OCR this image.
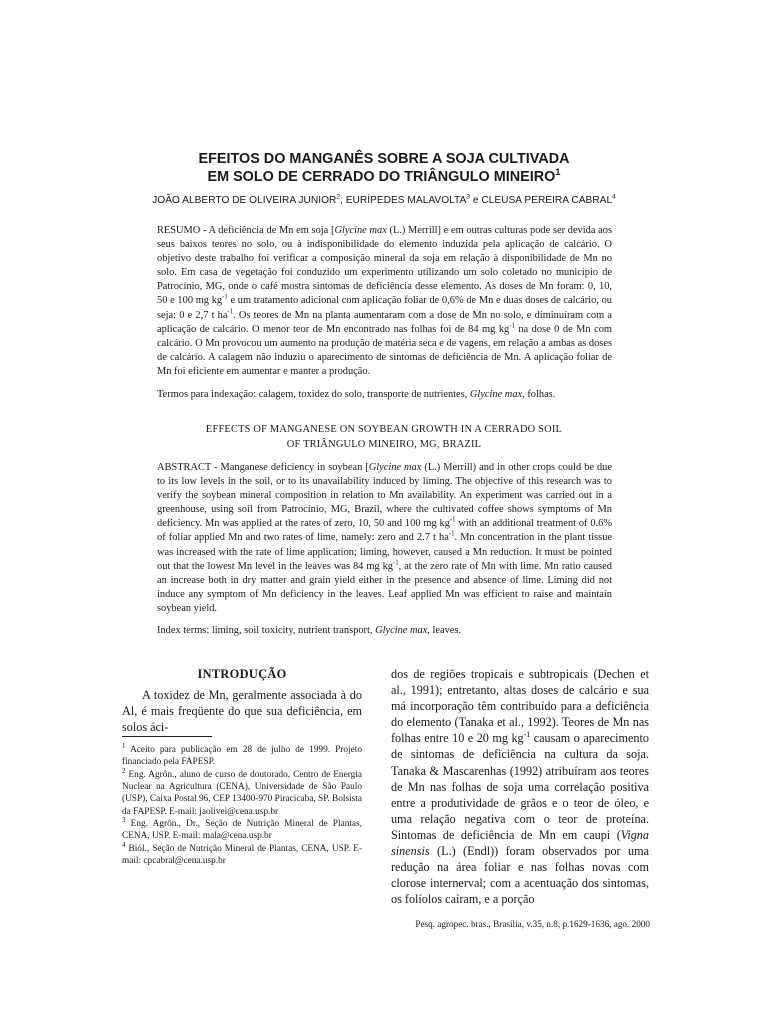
EFEITOS DO MANGANÊS SOBRE A SOJA CULTIVADA
EM SOLO DE CERRADO DO TRIÂNGULO MINEIRO$^1$
JOÃO ALBERTO DE OLIVEIRA JUNIOR$^2$, EURÍPEDES MALAVOLTA$^3$ e CLEUSA PEREIRA CABRAL$^4$
RESUMO - A deficiência de Mn em soja [Glycine max (L.) Merrill] e em outras culturas pode ser devida aos seus baixos teores no solo, ou à indisponibilidade do elemento induzida pela aplicação de calcário. O objetivo deste trabalho foi verificar a composição mineral da soja em relação à disponibilidade de Mn no solo. Em casa de vegetação foi conduzido um experimento utilizando um solo coletado no município de Patrocínio, MG, onde o café mostra sintomas de deficiência desse elemento. As doses de Mn foram: 0, 10, 50 e 100 mg $kg^{-1}$ e um tratamento adicional com aplicação foliar de 0,6% de Mn e duas doses de calcário, ou seja: 0 e 2,7 t $ha^{-1}$. Os teores de Mn na planta aumentaram com a dose de Mn no solo, e diminuíram com a aplicação de calcário. O menor teor de Mn encontrado nas folhas foi de 84 mg $kg^{-1}$ na dose 0 de Mn com calcário. O Mn provocou um aumento na produção de matéria seca e de vagens, em relação a ambas as doses de calcário. A calagem não induziu o aparecimento de sintomas de deficiência de Mn. A aplicação foliar de Mn foi eficiente em aumentar e manter a produção.
Termos para indexação: calagem, toxidez do solo, transporte de nutrientes, Glycine max, folhas.
EFFECTS OF MANGANESE ON SOYBEAN GROWTH IN A CERRADO SOIL
OF TRIÂNGULO MINEIRO, MG, BRAZIL
ABSTRACT - Manganese deficiency in soybean [Glycine max (L.) Merrill) and in other crops could be due to its low levels in the soil, or to its unavailability induced by liming. The objective of this research was to verify the soybean mineral composition in relation to Mn availability. An experiment was carried out in a greenhouse, using soil from Patrocínio, MG, Brazil, where the cultivated coffee shows symptoms of Mn deficiency. Mn was applied at the rates of zero, 10, 50 and 100 mg $kg^{-1}$ with an additional treatment of 0.6% of foliar applied Mn and two rates of lime, namely: zero and 2.7 t $ha^{-1}$. Mn concentration in the plant tissue was increased with the rate of lime application; liming, however, caused a Mn reduction. It must be pointed out that the lowest Mn level in the leaves was 84 mg $kg^{-1}$, at the zero rate of Mn with lime. Mn ratio caused an increase both in dry matter and grain yield either in the presence and absence of lime. Liming did not induce any symptom of Mn deficiency in the leaves. Leaf applied Mn was efficient to raise and maintain soybean yield.
Index terms: liming, soil toxicity, nutrient transport, Glycine max, leaves.
INTRODUÇÃO
A toxidez de Mn, geralmente associada à do Al, é mais freqüente do que sua deficiência, em solos áci-
dos de regiões tropicais e subtropicais (Dechen et al., 1991); entretanto, altas doses de calcário e sua má incorporação têm contribuído para a deficiência do elemento (Tanaka et al., 1992). Teores de Mn nas folhas entre 10 e 20 mg $kg^{-1}$ causam o aparecimento de sintomas de deficiência na cultura da soja. Tanaka & Mascarenhas (1992) atribuíram aos teores de Mn nas folhas de soja uma correlação positiva entre a produtividade de grãos e o teor de óleo, e uma relação negativa com o teor de proteína. Sintomas de deficiência de Mn em caupi (Vigna sinensis (L.) (Endl)) foram observados por uma redução na área foliar e nas folhas novas com clorose internerval; com a acentuação dos sintomas, os folíolos caíram, e a porção
$^1$ Aceito para publicação em 28 de julho de 1999. Projeto financiado pela FAPESP.
$^2$ Eng. Agrôn., aluno de curso de doutorado, Centro de Energia Nuclear na Agricultura (CENA), Universidade de São Paulo (USP), Caixa Postal 96, CEP 13400-970 Piracicaba, SP. Bolsista da FAPESP. E-mail: jaolivei@cena.usp.br
$^3$ Eng. Agrôn., Dr., Seção de Nutrição Mineral de Plantas, CENA, USP. E-mail: mala@cena.usp.br
$^4$ Biól., Seção de Nutrição Mineral de Plantas, CENA, USP. E-mail: cpcabral@cena.usp.br
Pesq. agropec. bras., Brasília, v.35, n.8, p.1629-1636, ago. 2000
